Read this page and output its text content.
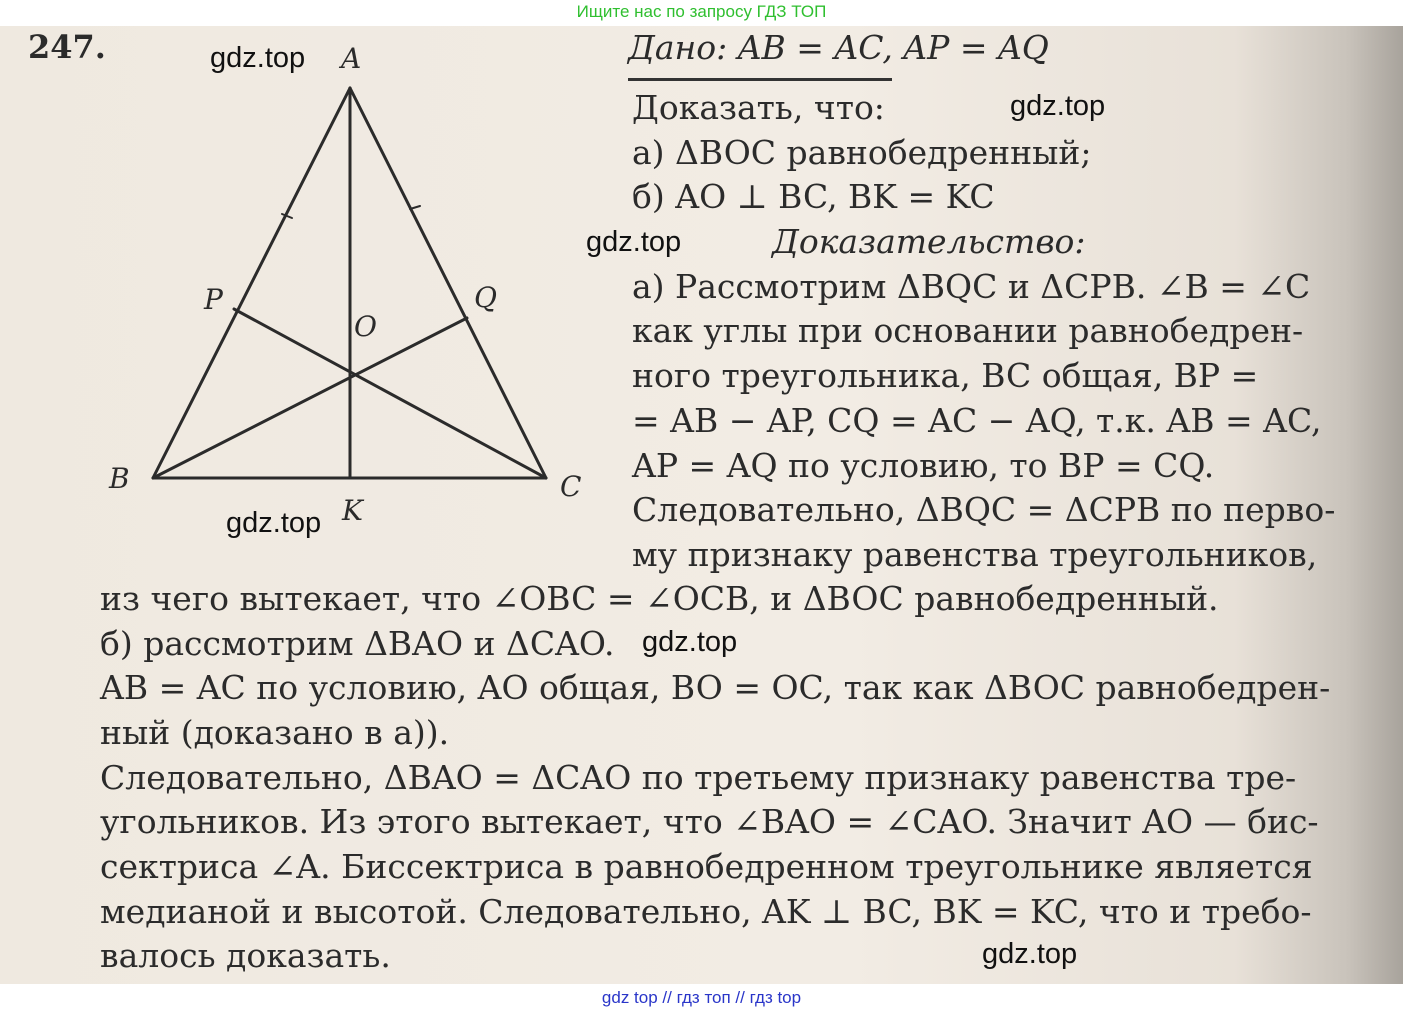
Ищите нас по запросу ГДЗ ТОП
247.	A
B	C
P	Q
O
K
Дано: AB = AC, AP = AQ
Доказать, что:
а) ΔBOC равнобедренный;
б) AO ⊥ BC, BK = KC
Доказательство:
а) Рассмотрим ΔBQC и ΔCPB. ∠B = ∠C
как углы при основании равнобедрен-
ного треугольника, BC общая, BP =
= AB − AP, CQ = AC − AQ, т.к. AB = AC,
AP = AQ по условию, то BP = CQ.
Следовательно, ΔBQC = ΔCPB по перво-
му признаку равенства треугольников,
из чего вытекает, что ∠OBC = ∠OCB, и ΔBOC равнобедренный.
б) рассмотрим ΔBAO и ΔCAO.
AB = AC по условию, AO общая, BO = OC, так как ΔBOC равнобедрен-
ный (доказано в а)).
Следовательно, ΔBAO = ΔCAO по третьему признаку равенства тре-
угольников. Из этого вытекает, что ∠BAO = ∠CAO. Значит AO — бис-
сектриса ∠A. Биссектриса в равнобедренном треугольнике является
медианой и высотой. Следовательно, AK ⊥ BC, BK = KC, что и требо-
валось доказать.
gdz.top
gdz.top
gdz.top
gdz.top
gdz.top
gdz.top
gdz top // гдз топ // гдз top
